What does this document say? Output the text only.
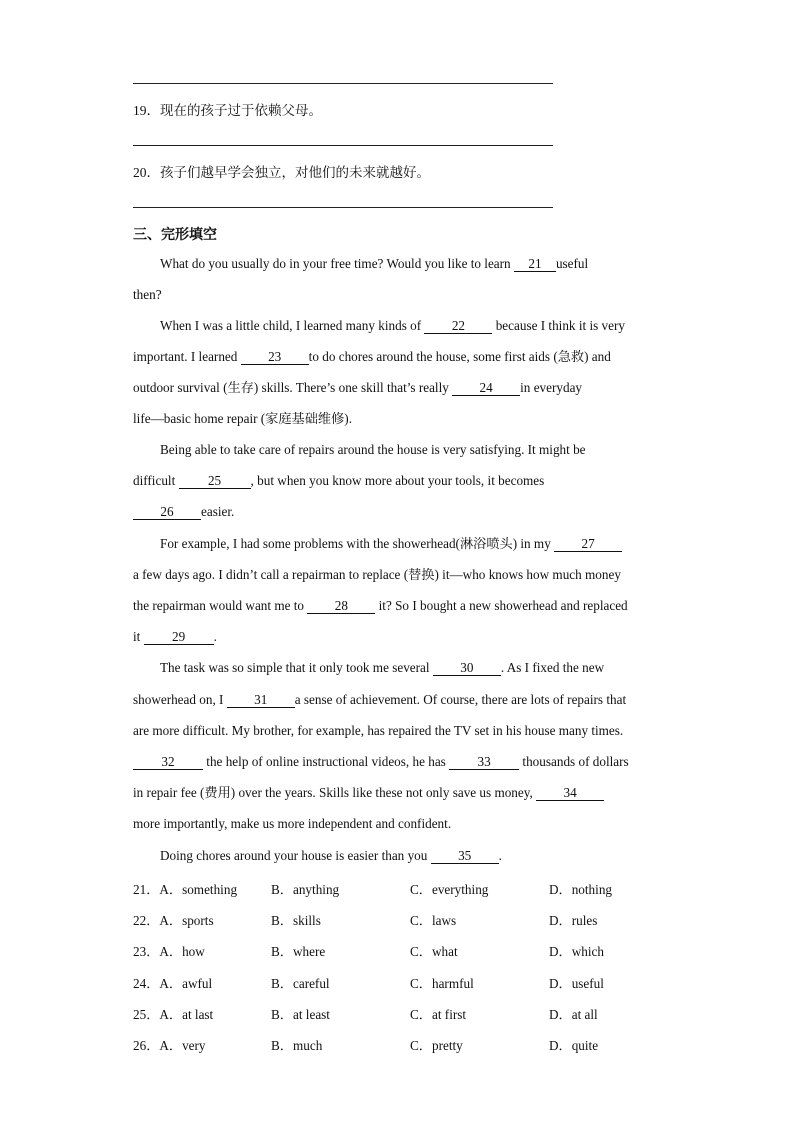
19．现在的孩子过于依赖父母。
20．孩子们越早学会独立，对他们的未来就越好。
三、完形填空
What do you usually do in your free time? Would you like to learn 21 useful
then?
When I was a little child, I learned many kinds of 22 because I think it is very
important. I learned 23 to do chores around the house, some first aids (急救) and
outdoor survival (生存) skills. There’s one skill that’s really 24 in everyday
life—basic home repair (家庭基础维修).
Being able to take care of repairs around the house is very satisfying. It might be
difficult 25 , but when you know more about your tools, it becomes
26 easier.
For example, I had some problems with the showerhead(淋浴喷头) in my 27
a few days ago. I didn’t call a repairman to replace (替换) it—who knows how much money
the repairman would want me to 28 it? So I bought a new showerhead and replaced
it 29 .
The task was so simple that it only took me several 30 . As I fixed the new
showerhead on, I 31 a sense of achievement. Of course, there are lots of repairs that
are more difficult. My brother, for example, has repaired the TV set in his house many times.
32 the help of online instructional videos, he has 33 thousands of dollars
in repair fee (费用) over the years. Skills like these not only save us money, 34
more importantly, make us more independent and confident.
Doing chores around your house is easier than you 35 .
21．A．something	B．anything	C．everything	D．nothing
22．A．sports	B．skills	C．laws	D．rules
23．A．how	B．where	C．what	D．which
24．A．awful	B．careful	C．harmful	D．useful
25．A．at last	B．at least	C．at first	D．at all
26．A．very	B．much	C．pretty	D．quite
